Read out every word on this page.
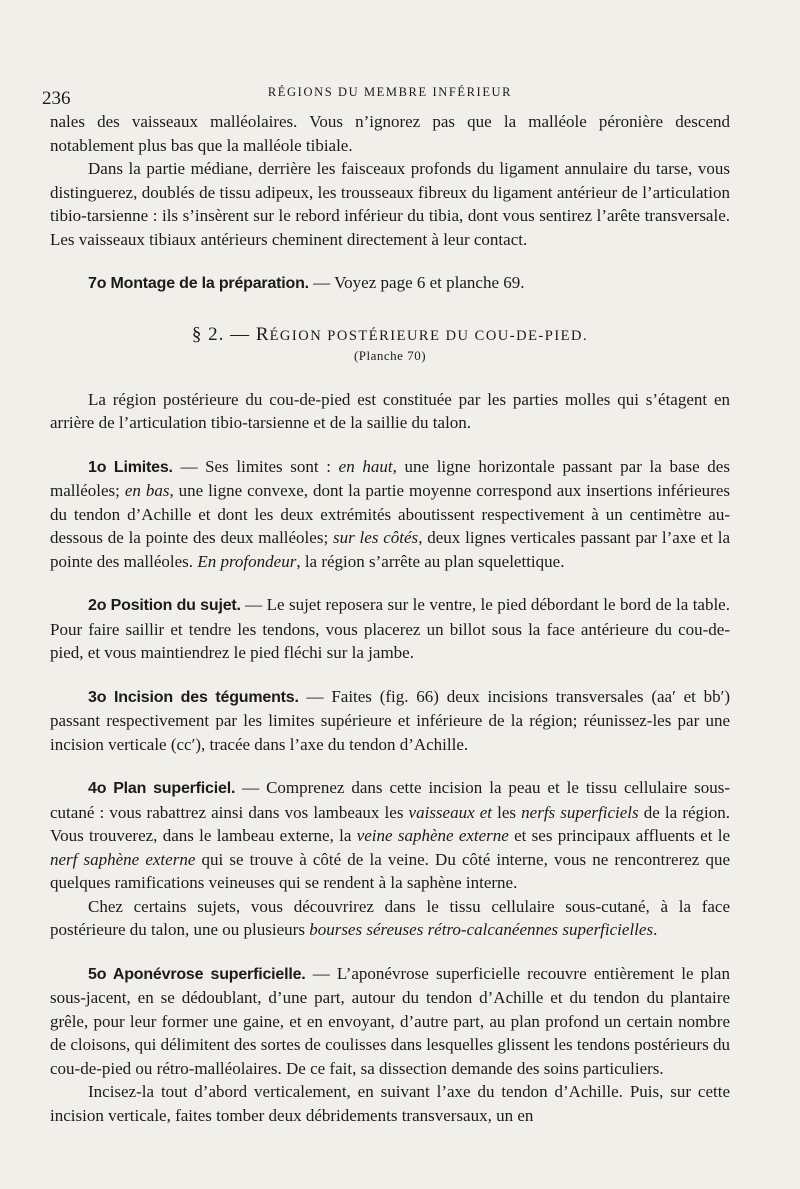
236	RÉGIONS DU MEMBRE INFÉRIEUR

nales des vaisseaux malléolaires. Vous n’ignorez pas que la malléole péronière descend notablement plus bas que la malléole tibiale.

Dans la partie médiane, derrière les faisceaux profonds du ligament annulaire du tarse, vous distinguerez, doublés de tissu adipeux, les trousseaux fibreux du ligament antérieur de l’articulation tibio-tarsienne : ils s’insèrent sur le rebord inférieur du tibia, dont vous sentirez l’arête transversale. Les vaisseaux tibiaux antérieurs cheminent directement à leur contact.

7o Montage de la préparation. — Voyez page 6 et planche 69.

§ 2. — RÉGION POSTÉRIEURE DU COU-DE-PIED.
(Planche 70)

La région postérieure du cou-de-pied est constituée par les parties molles qui s’étagent en arrière de l’articulation tibio-tarsienne et de la saillie du talon.

1o Limites. — Ses limites sont : en haut, une ligne horizontale passant par la base des malléoles; en bas, une ligne convexe, dont la partie moyenne correspond aux insertions inférieures du tendon d’Achille et dont les deux extrémités aboutissent respectivement à un centimètre au-dessous de la pointe des deux malléoles; sur les côtés, deux lignes verticales passant par l’axe et la pointe des malléoles. En profondeur, la région s’arrête au plan squelettique.

2o Position du sujet. — Le sujet reposera sur le ventre, le pied débordant le bord de la table. Pour faire saillir et tendre les tendons, vous placerez un billot sous la face antérieure du cou-de-pied, et vous maintiendrez le pied fléchi sur la jambe.

3o Incision des téguments. — Faites (fig. 66) deux incisions transversales (aa′ et bb′) passant respectivement par les limites supérieure et inférieure de la région; réunissez-les par une incision verticale (cc′), tracée dans l’axe du tendon d’Achille.

4o Plan superficiel. — Comprenez dans cette incision la peau et le tissu cellulaire sous-cutané : vous rabattrez ainsi dans vos lambeaux les vaisseaux et les nerfs superficiels de la région. Vous trouverez, dans le lambeau externe, la veine saphène externe et ses principaux affluents et le nerf saphène externe qui se trouve à côté de la veine. Du côté interne, vous ne rencontrerez que quelques ramifications veineuses qui se rendent à la saphène interne.

Chez certains sujets, vous découvrirez dans le tissu cellulaire sous-cutané, à la face postérieure du talon, une ou plusieurs bourses séreuses rétro-calcanéennes superficielles.

5o Aponévrose superficielle. — L’aponévrose superficielle recouvre entièrement le plan sous-jacent, en se dédoublant, d’une part, autour du tendon d’Achille et du tendon du plantaire grêle, pour leur former une gaine, et en envoyant, d’autre part, au plan profond un certain nombre de cloisons, qui délimitent des sortes de coulisses dans lesquelles glissent les tendons postérieurs du cou-de-pied ou rétro-malléolaires. De ce fait, sa dissection demande des soins particuliers.

Incisez-la tout d’abord verticalement, en suivant l’axe du tendon d’Achille. Puis, sur cette incision verticale, faites tomber deux débridements transversaux, un en
